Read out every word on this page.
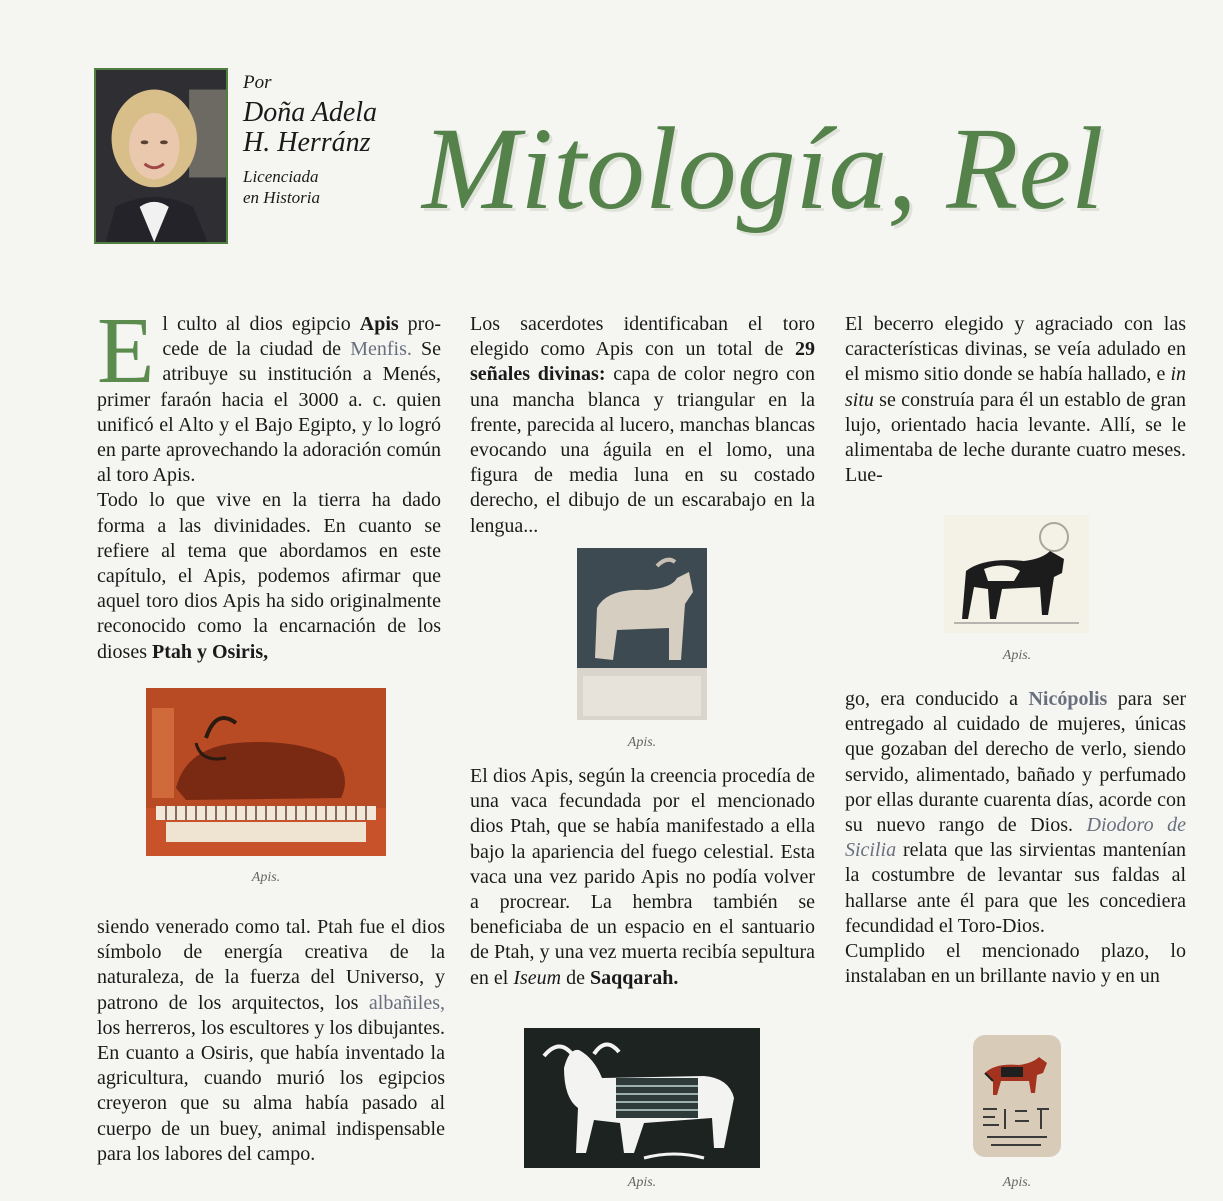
Por
Doña Adela
H. Herránz
Licenciada
en Historia Mitología, Rel
El culto al dios egipcio Apis pro-cede de la ciudad de Menfis. Se atribuye su institución a Menés, primer faraón hacia el 3000 a. c. quien unificó el Alto y el Bajo Egipto, y lo logró en parte aprovechando la adoración común al toro Apis.
Todo lo que vive en la tierra ha dado forma a las divinidades. En cuanto se refiere al tema que abordamos en este capítulo, el Apis, podemos afirmar que aquel toro dios Apis ha sido originalmente reconocido como la encarnación de los dioses Ptah y Osiris,
Apis.
siendo venerado como tal. Ptah fue el dios símbolo de energía creativa de la naturaleza, de la fuerza del Universo, y patrono de los arquitectos, los albañiles, los herreros, los escultores y los dibujantes. En cuanto a Osiris, que había inventado la agricultura, cuando murió los egipcios creyeron que su alma había pasado al cuerpo de un buey, animal indispensable para los labores del campo.
Los sacerdotes identificaban el toro elegido como Apis con un total de 29 señales divinas: capa de color negro con una mancha blanca y triangular en la frente, parecida al lucero, manchas blancas evocando una águila en el lomo, una figura de media luna en su costado derecho, el dibujo de un escarabajo en la lengua...
Apis.
El dios Apis, según la creencia procedía de una vaca fecundada por el mencionado dios Ptah, que se había manifestado a ella bajo la apariencia del fuego celestial. Esta vaca una vez parido Apis no podía volver a procrear. La hembra también se beneficiaba de un espacio en el santuario de Ptah, y una vez muerta recibía sepultura en el Iseum de Saqqarah.
Apis.
El becerro elegido y agraciado con las características divinas, se veía adulado en el mismo sitio donde se había hallado, e in situ se construía para él un establo de gran lujo, orientado hacia levante. Allí, se le alimentaba de leche durante cuatro meses. Lue-
Apis.
go, era conducido a Nicópolis para ser entregado al cuidado de mujeres, únicas que gozaban del derecho de verlo, siendo servido, alimentado, bañado y perfumado por ellas durante cuarenta días, acorde con su nuevo rango de Dios. Diodoro de Sicilia relata que las sirvientas mantenían la costumbre de levantar sus faldas al hallarse ante él para que les concediera fecundidad el Toro-Dios.
Cumplido el mencionado plazo, lo instalaban en un brillante navio y en un
Apis.
